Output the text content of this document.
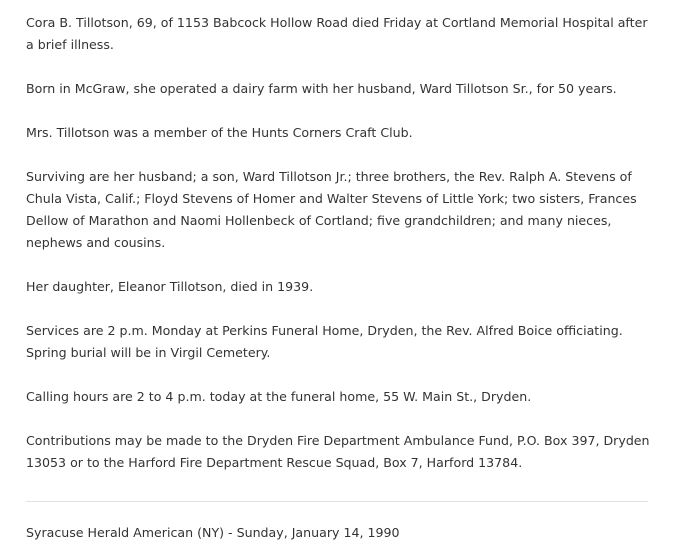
Cora B. Tillotson, 69, of 1153 Babcock Hollow Road died Friday at Cortland Memorial Hospital after a brief illness.

Born in McGraw, she operated a dairy farm with her husband, Ward Tillotson Sr., for 50 years.

Mrs. Tillotson was a member of the Hunts Corners Craft Club.

Surviving are her husband; a son, Ward Tillotson Jr.; three brothers, the Rev. Ralph A. Stevens of Chula Vista, Calif.; Floyd Stevens of Homer and Walter Stevens of Little York; two sisters, Frances Dellow of Marathon and Naomi Hollenbeck of Cortland; five grandchildren; and many nieces, nephews and cousins.

Her daughter, Eleanor Tillotson, died in 1939.

Services are 2 p.m. Monday at Perkins Funeral Home, Dryden, the Rev. Alfred Boice officiating. Spring burial will be in Virgil Cemetery.

Calling hours are 2 to 4 p.m. today at the funeral home, 55 W. Main St., Dryden.

Contributions may be made to the Dryden Fire Department Ambulance Fund, P.O. Box 397, Dryden 13053 or to the Harford Fire Department Rescue Squad, Box 7, Harford 13784.

Syracuse Herald American (NY) - Sunday, January 14, 1990
